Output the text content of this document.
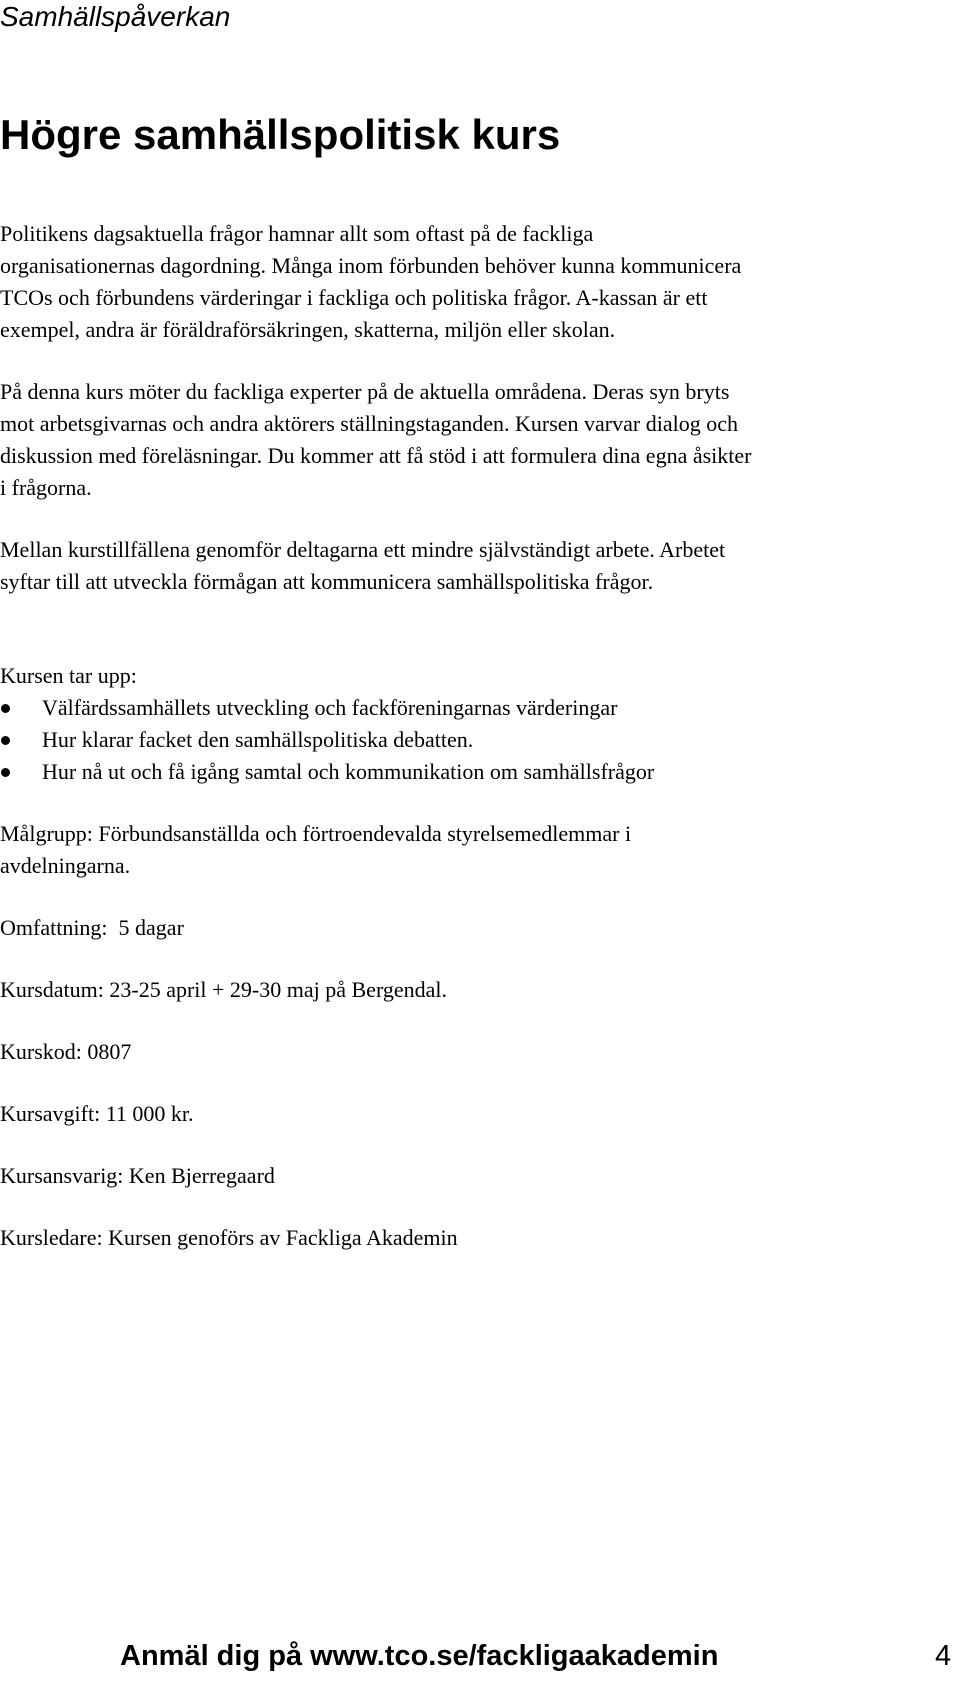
Samhällspåverkan
Högre samhällspolitisk kurs

Politikens dagsaktuella frågor hamnar allt som oftast på de fackliga

organisationernas dagordning. Många inom förbunden behöver kunna kommunicera

TCOs och förbundens värderingar i fackliga och politiska frågor. A-kassan är ett

exempel, andra är föräldraförsäkringen, skatterna, miljön eller skolan.

På denna kurs möter du fackliga experter på de aktuella områdena. Deras syn bryts

mot arbetsgivarnas och andra aktörers ställningstaganden. Kursen varvar dialog och

diskussion med föreläsningar. Du kommer att få stöd i att formulera dina egna åsikter

i frågorna.

Mellan kurstillfällena genomför deltagarna ett mindre självständigt arbete. Arbetet

syftar till att utveckla förmågan att kommunicera samhällspolitiska frågor.

Kursen tar upp:

Välfärdssamhällets utveckling och fackföreningarnas värderingar
Hur klarar facket den samhällspolitiska debatten.
Hur nå ut och få igång samtal och kommunikation om samhällsfrågor

Målgrupp: Förbundsanställda och förtroendevalda styrelsemedlemmar i

avdelningarna.

Omfattning:  5 dagar

Kursdatum: 23-25 april + 29-30 maj på Bergendal.

Kurskod: 0807

Kursavgift: 11 000 kr.

Kursansvarig: Ken Bjerregaard

Kursledare: Kursen genoförs av Fackliga Akademin

Anmäl dig på www.tco.se/fackligaakademin	4
